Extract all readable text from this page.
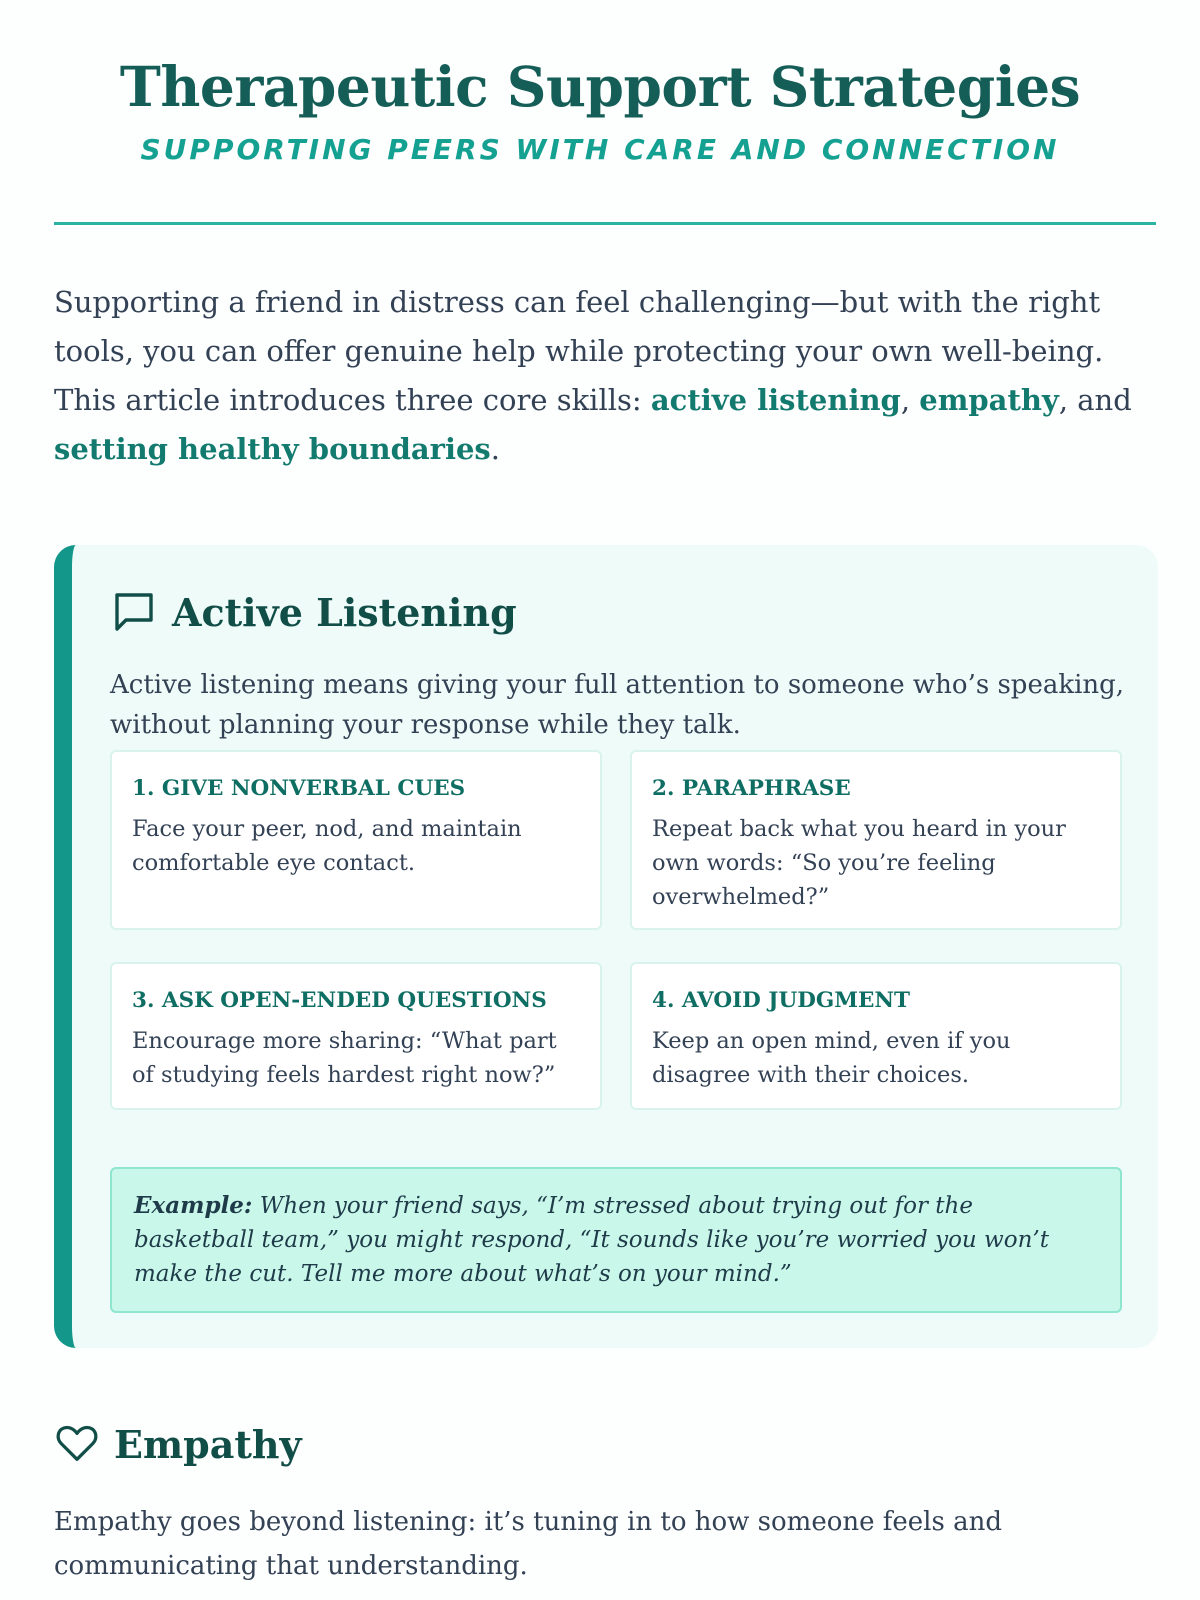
Therapeutic Support Strategies
SUPPORTING PEERS WITH CARE AND CONNECTION

Supporting a friend in distress can feel challenging—but with the right tools, you can offer genuine help while protecting your own well-being. This article introduces three core skills: active listening, empathy, and setting healthy boundaries.

Active Listening
Active listening means giving your full attention to someone who’s speaking, without planning your response while they talk.
1. GIVE NONVERBAL CUES
Face your peer, nod, and maintain comfortable eye contact.
2. PARAPHRASE
Repeat back what you heard in your own words: “So you’re feeling overwhelmed?”
3. ASK OPEN-ENDED QUESTIONS
Encourage more sharing: “What part of studying feels hardest right now?”
4. AVOID JUDGMENT
Keep an open mind, even if you disagree with their choices.
Example: When your friend says, “I’m stressed about trying out for the basketball team,” you might respond, “It sounds like you’re worried you won’t make the cut. Tell me more about what’s on your mind.”
Empathy
Empathy goes beyond listening: it’s tuning in to how someone feels and communicating that understanding.
